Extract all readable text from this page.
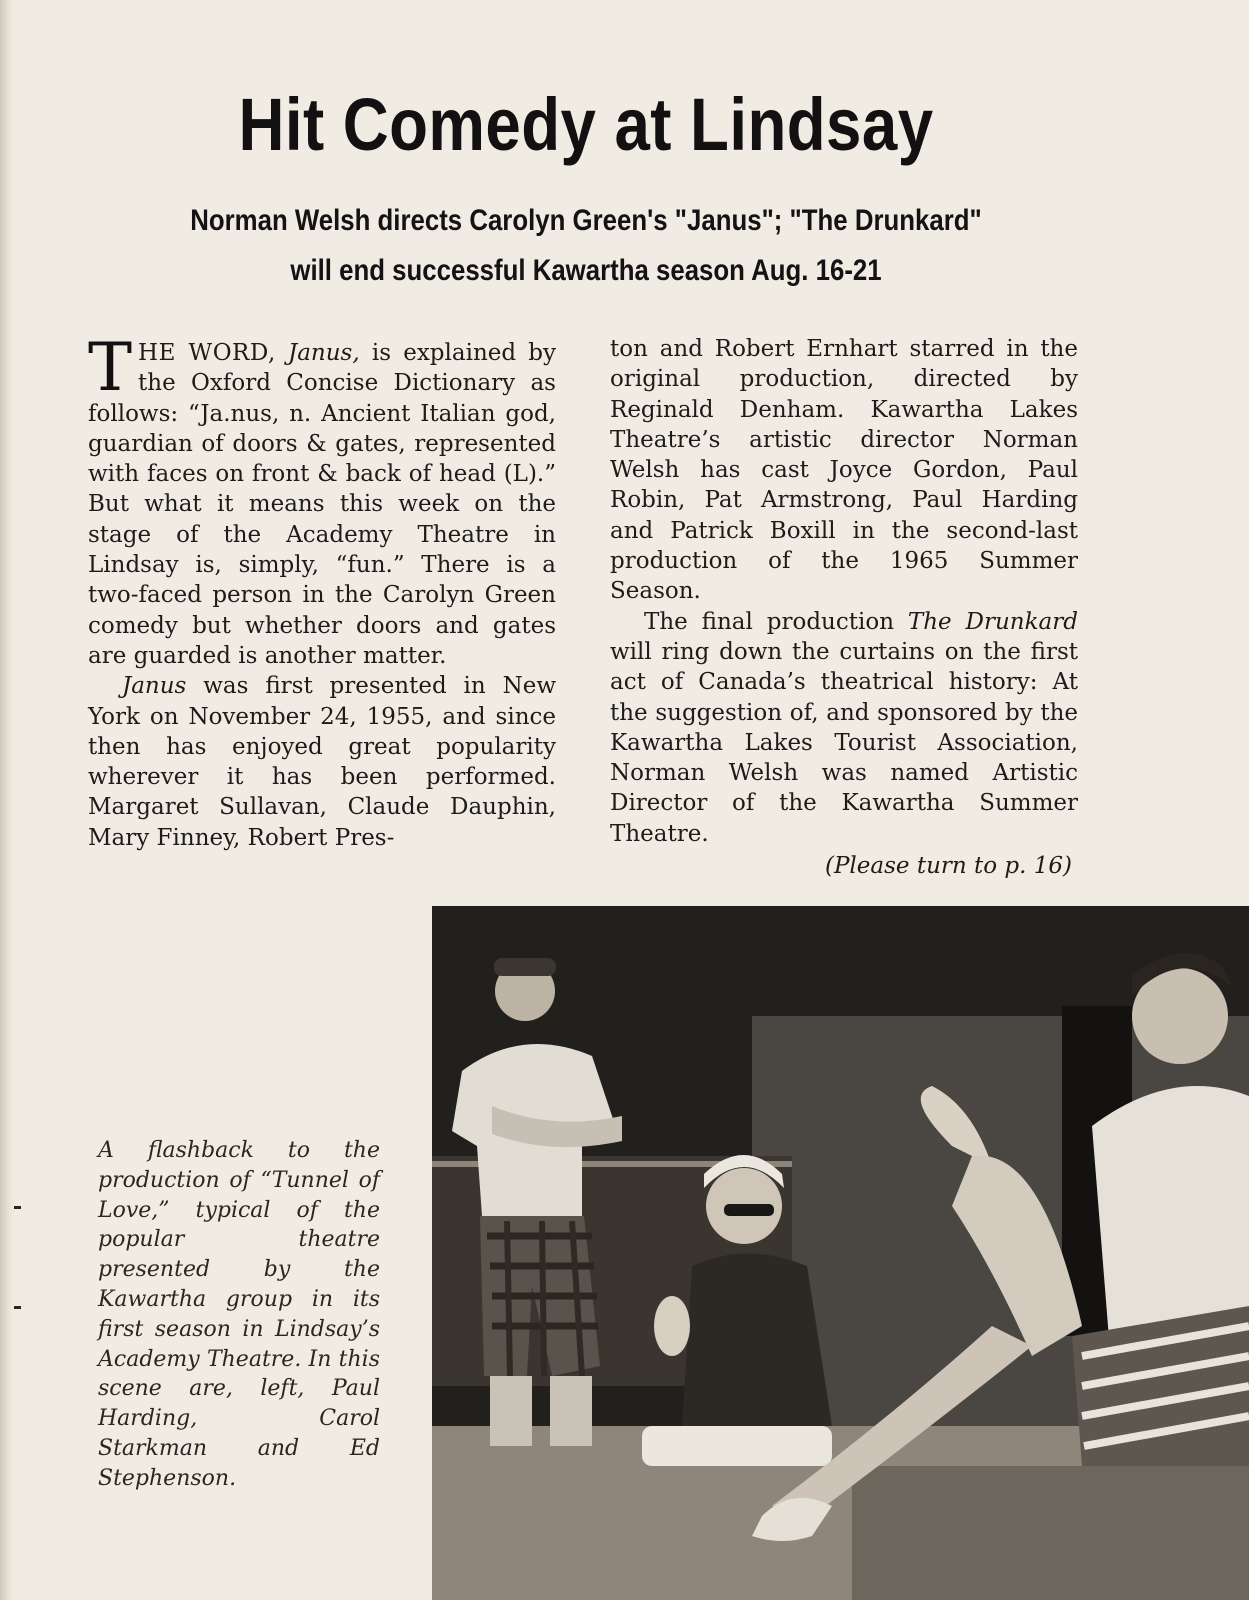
Hit Comedy at Lindsay
Norman Welsh directs Carolyn Green's "Janus"; "The Drunkard"
will end successful Kawartha season Aug. 16-21

THE WORD, Janus, is explained by the Oxford Concise Dictionary as follows: “Ja.nus, n. Ancient Italian god, guardian of doors & gates, represented with faces on front & back of head (L).” But what it means this week on the stage of the Academy Theatre in Lindsay is, simply, “fun.” There is a two-faced person in the Carolyn Green comedy but whether doors and gates are guarded is another matter.

Janus was first presented in New York on November 24, 1955, and since then has enjoyed great popularity wherever it has been performed. Margaret Sullavan, Claude Dauphin, Mary Finney, Robert Pres-

ton and Robert Ernhart starred in the original production, directed by Reginald Denham. Kawartha Lakes Theatre’s artistic director Norman Welsh has cast Joyce Gordon, Paul Robin, Pat Armstrong, Paul Harding and Patrick Boxill in the second-last production of the 1965 Summer Season.

The final production The Drunkard will ring down the curtains on the first act of Canada’s theatrical history: At the suggestion of, and sponsored by the Kawartha Lakes Tourist Association, Norman Welsh was named Artistic Director of the Kawartha Summer Theatre.

(Please turn to p. 16)

A flashback to the production of “Tunnel of Love,” typical of the popular theatre presented by the Kawartha group in its first season in Lindsay’s Academy Theatre. In this scene are, left, Paul Harding, Carol Starkman and Ed Stephenson.
